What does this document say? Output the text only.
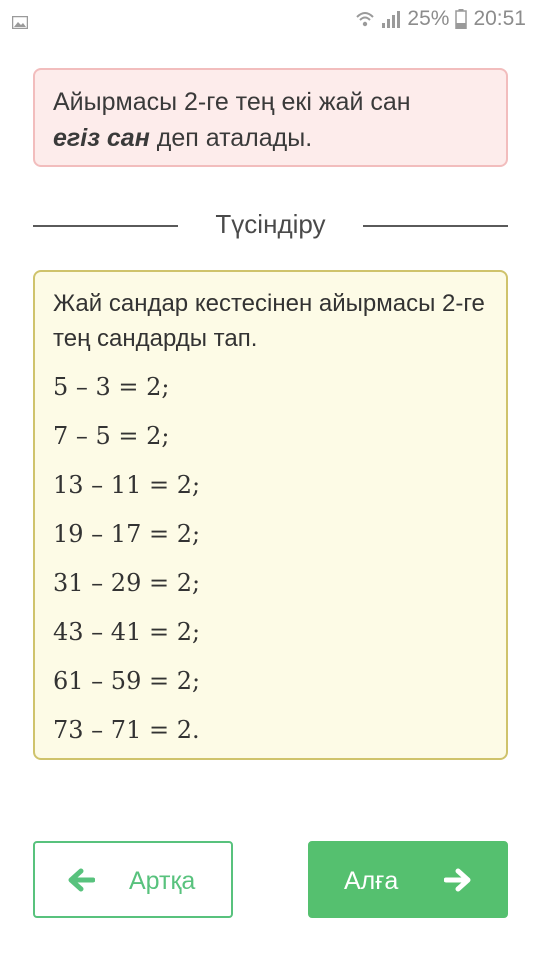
25% 20:51
Айырмасы 2-ге тең екі жай сан
егіз сан деп аталады.
Түсіндіру

Жай сандар кестесінен айырмасы 2-ге тең сандарды тап.

5 – 3 = 2;
7 – 5 = 2;
13 – 11 = 2;
19 – 17 = 2;
31 – 29 = 2;
43 – 41 = 2;
61 – 59 = 2;
73 – 71 = 2.
Артқа	Алға
